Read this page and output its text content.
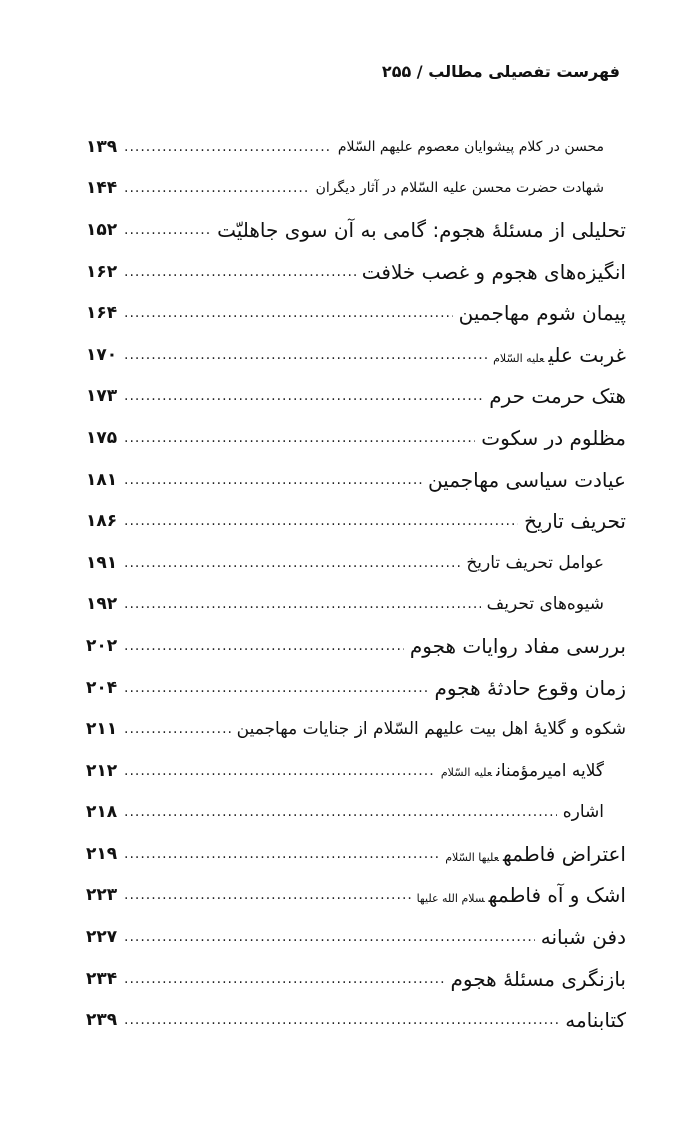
فهرست تفصیلی مطالب / ۲۵۵
محسن در کلام پیشوایان معصوم علیهم السّلام
.....
۱۳۹
شهادت حضرت محسن علیه السّلام در آثار دیگران
.....
۱۴۴
تحلیلی از مسئلهٔ هجوم: گامی به آن سوی جاهلیّت
.....
۱۵۲
انگیزه‌های هجوم و غصب خلافت
.....
۱۶۲
پیمان شوم مهاجمین
.....
۱۶۴
غربت علیعلیه السّلام
.....
۱۷۰
هتک حرمت حرم
.....
۱۷۳
مظلوم در سکوت
.....
۱۷۵
عیادت سیاسی مهاجمین
.....
۱۸۱
تحریف تاریخ
.....
۱۸۶
عوامل تحریف تاریخ
.....
۱۹۱
شیوه‌های تحریف
.....
۱۹۲
بررسی مفاد روایات هجوم
.....
۲۰۲
زمان وقوع حادثهٔ هجوم
.....
۲۰۴
شکوه و گلایهٔ اهل بیت علیهم السّلام از جنایات مهاجمین
.....
۲۱۱
گلایه امیرمؤمنانعلیه السّلام
.....
۲۱۲
اشاره
.....
۲۱۸
اعتراض فاطمهعلیها السّلام
.....
۲۱۹
اشک و آه فاطمهسلام الله علیها
.....
۲۲۳
دفن شبانه
.....
۲۲۷
بازنگری مسئلهٔ هجوم
.....
۲۳۴
کتابنامه
.....
۲۳۹
